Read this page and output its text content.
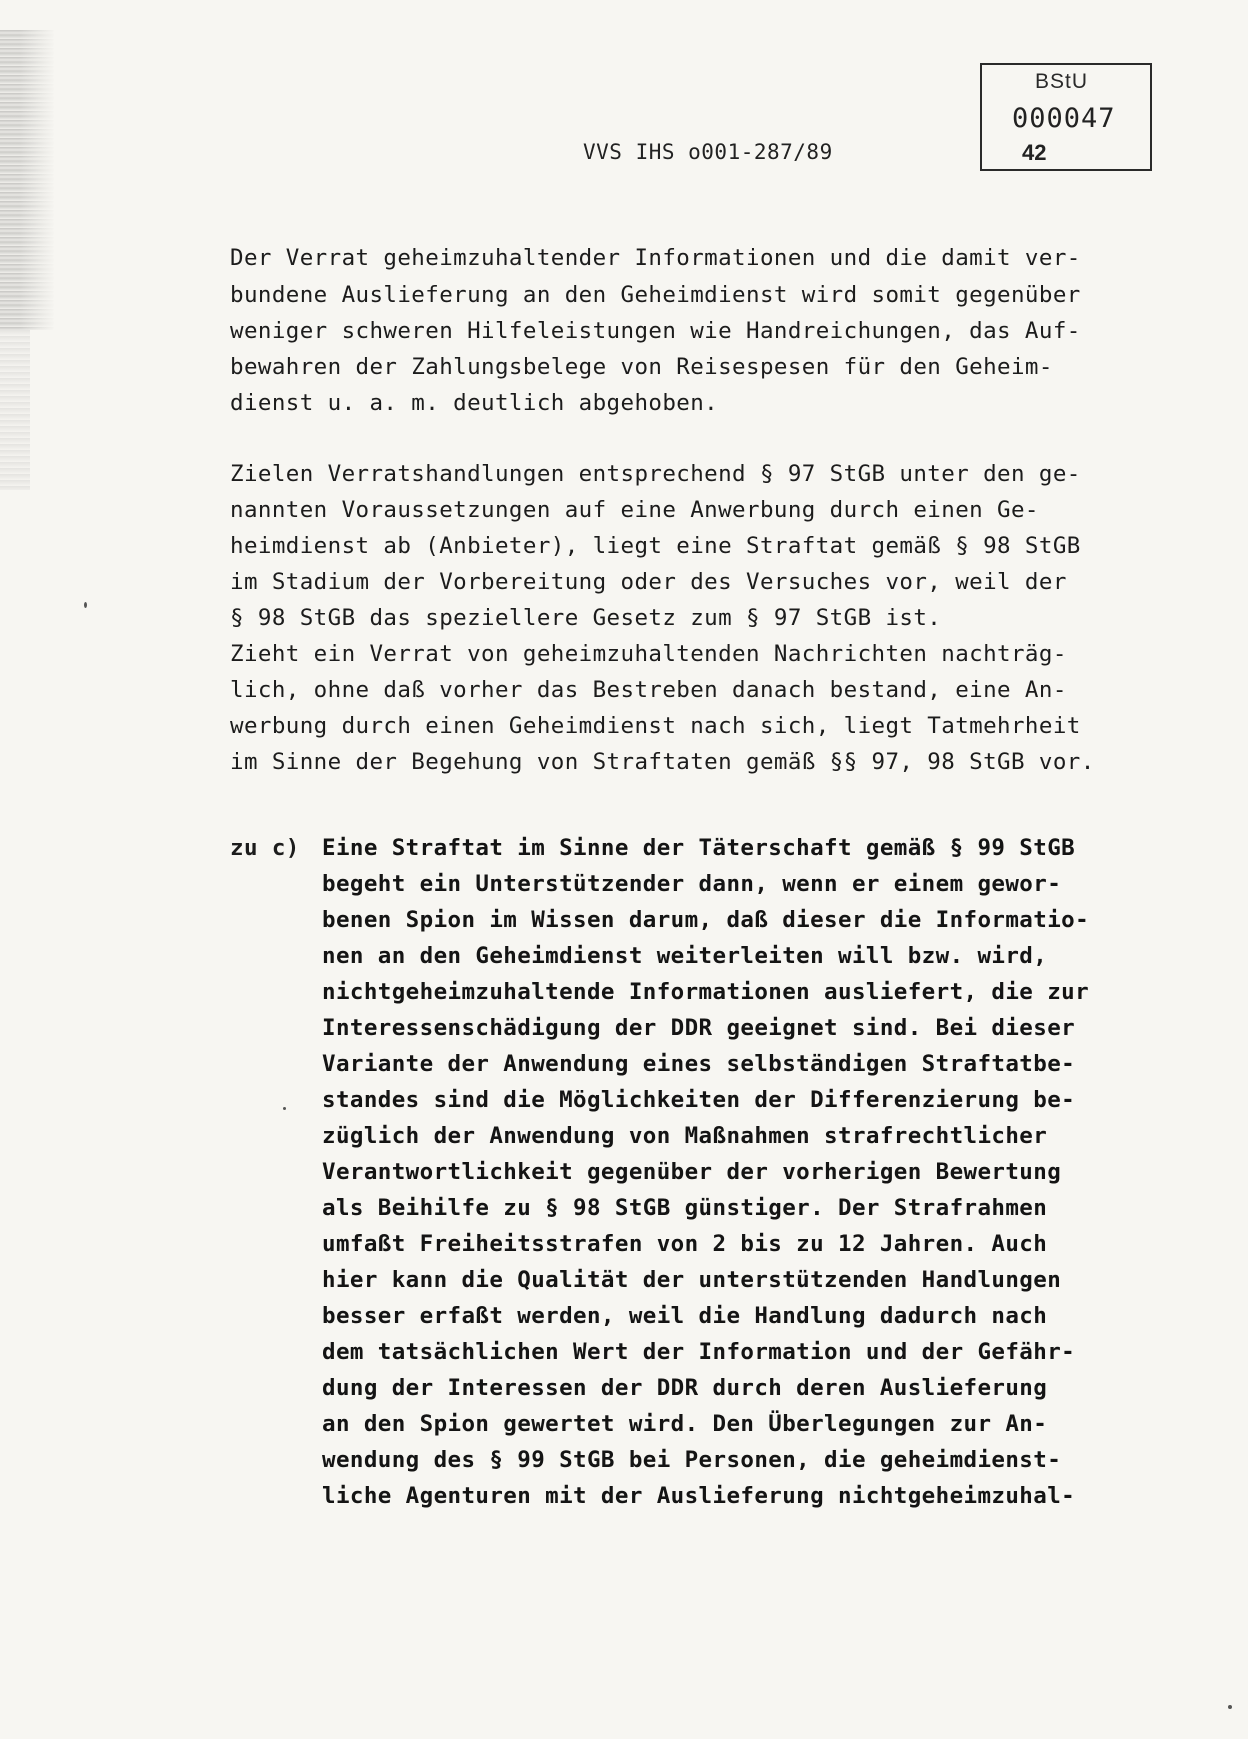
BStU
000047
42
VVS IHS o001-287/89
Der Verrat geheimzuhaltender Informationen und die damit ver-
bundene Auslieferung an den Geheimdienst wird somit gegenüber
weniger schweren Hilfeleistungen wie Handreichungen, das Auf-
bewahren der Zahlungsbelege von Reisespesen für den Geheim-
dienst u. a. m. deutlich abgehoben.
Zielen Verratshandlungen entsprechend § 97 StGB unter den ge-
nannten Voraussetzungen auf eine Anwerbung durch einen Ge-
heimdienst ab (Anbieter), liegt eine Straftat gemäß § 98 StGB
im Stadium der Vorbereitung oder des Versuches vor, weil der
§ 98 StGB das speziellere Gesetz zum § 97 StGB ist.
Zieht ein Verrat von geheimzuhaltenden Nachrichten nachträg-
lich, ohne daß vorher das Bestreben danach bestand, eine An-
werbung durch einen Geheimdienst nach sich, liegt Tatmehrheit
im Sinne der Begehung von Straftaten gemäß §§ 97, 98 StGB vor.
zu c) Eine Straftat im Sinne der Täterschaft gemäß § 99 StGB
begeht ein Unterstützender dann, wenn er einem gewor-
benen Spion im Wissen darum, daß dieser die Informatio-
nen an den Geheimdienst weiterleiten will bzw. wird,
nichtgeheimzuhaltende Informationen ausliefert, die zur
Interessenschädigung der DDR geeignet sind. Bei dieser
Variante der Anwendung eines selbständigen Straftatbe-
standes sind die Möglichkeiten der Differenzierung be-
züglich der Anwendung von Maßnahmen strafrechtlicher
Verantwortlichkeit gegenüber der vorherigen Bewertung
als Beihilfe zu § 98 StGB günstiger. Der Strafrahmen
umfaßt Freiheitsstrafen von 2 bis zu 12 Jahren. Auch
hier kann die Qualität der unterstützenden Handlungen
besser erfaßt werden, weil die Handlung dadurch nach
dem tatsächlichen Wert der Information und der Gefähr-
dung der Interessen der DDR durch deren Auslieferung
an den Spion gewertet wird. Den Überlegungen zur An-
wendung des § 99 StGB bei Personen, die geheimdienst-
liche Agenturen mit der Auslieferung nichtgeheimzuhal-
